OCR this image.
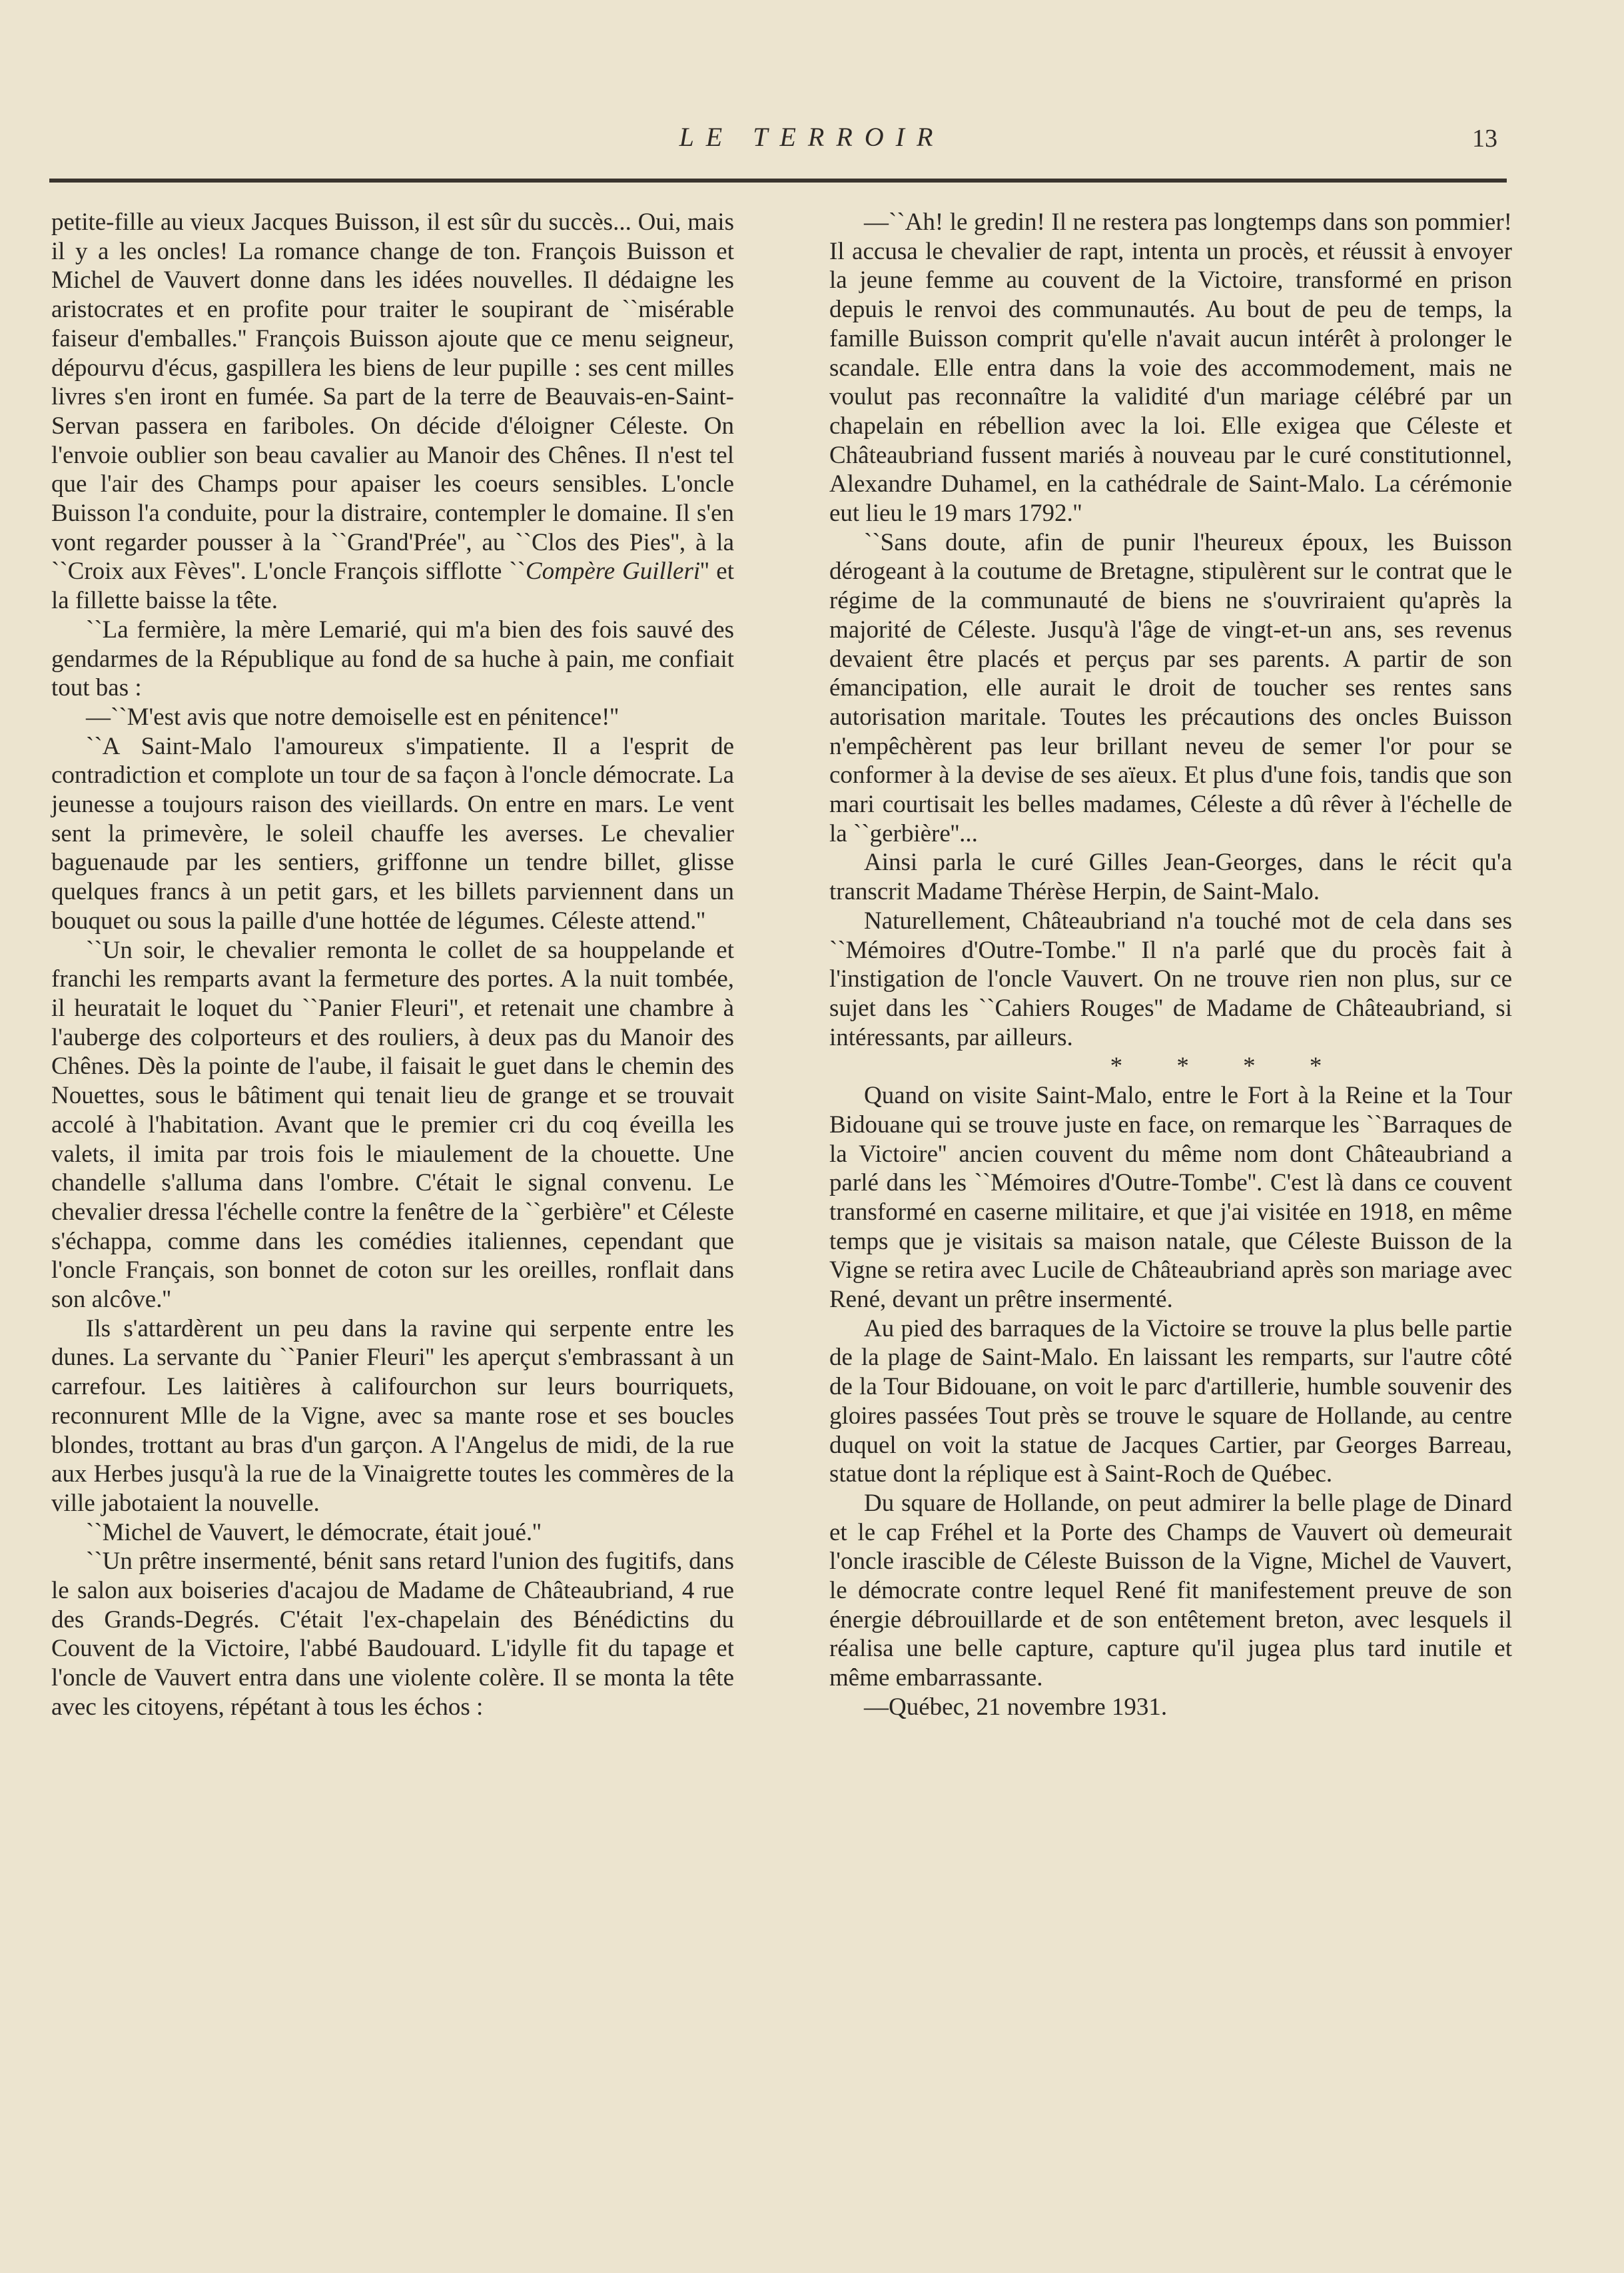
LE TERROIR	13

petite-fille au vieux Jacques Buisson, il est sûr du succès... Oui, mais il y a les oncles! La romance change de ton. François Buisson et Michel de Vauvert donne dans les idées nouvelles. Il dédaigne les aristocrates et en profite pour traiter le soupirant de ``misérable faiseur d'emballes.'' François Buisson ajoute que ce menu seigneur, dépourvu d'écus, gaspillera les biens de leur pupille : ses cent milles livres s'en iront en fumée. Sa part de la terre de Beauvais-en-Saint-Servan passera en fariboles. On décide d'éloigner Céleste. On l'envoie oublier son beau cavalier au Manoir des Chênes. Il n'est tel que l'air des Champs pour apaiser les coeurs sensibles. L'oncle Buisson l'a conduite, pour la distraire, contempler le domaine. Il s'en vont regarder pousser à la ``Grand'Prée'', au ``Clos des Pies'', à la ``Croix aux Fèves''. L'oncle François sifflotte ``Compère Guilleri'' et la fillette baisse la tête.

``La fermière, la mère Lemarié, qui m'a bien des fois sauvé des gendarmes de la République au fond de sa huche à pain, me confiait tout bas :

—``M'est avis que notre demoiselle est en pénitence!''

``A Saint-Malo l'amoureux s'impatiente. Il a l'esprit de contradiction et complote un tour de sa façon à l'oncle démocrate. La jeunesse a toujours raison des vieillards. On entre en mars. Le vent sent la primevère, le soleil chauffe les averses. Le chevalier baguenaude par les sentiers, griffonne un tendre billet, glisse quelques francs à un petit gars, et les billets parviennent dans un bouquet ou sous la paille d'une hottée de légumes. Céleste attend.''

``Un soir, le chevalier remonta le collet de sa houppelande et franchi les remparts avant la fermeture des portes. A la nuit tombée, il heuratait le loquet du ``Panier Fleuri'', et retenait une chambre à l'auberge des colporteurs et des rouliers, à deux pas du Manoir des Chênes. Dès la pointe de l'aube, il faisait le guet dans le chemin des Nouettes, sous le bâtiment qui tenait lieu de grange et se trouvait accolé à l'habitation. Avant que le premier cri du coq éveilla les valets, il imita par trois fois le miaulement de la chouette. Une chandelle s'alluma dans l'ombre. C'était le signal convenu. Le chevalier dressa l'échelle contre la fenêtre de la ``gerbière'' et Céleste s'échappa, comme dans les comédies italiennes, cependant que l'oncle Français, son bonnet de coton sur les oreilles, ronflait dans son alcôve.''

Ils s'attardèrent un peu dans la ravine qui serpente entre les dunes. La servante du ``Panier Fleuri'' les aperçut s'embrassant à un carrefour. Les laitières à califourchon sur leurs bourriquets, reconnurent Mlle de la Vigne, avec sa mante rose et ses boucles blondes, trottant au bras d'un garçon. A l'Angelus de midi, de la rue aux Herbes jusqu'à la rue de la Vinaigrette toutes les commères de la ville jabotaient la nouvelle.

``Michel de Vauvert, le démocrate, était joué.''

``Un prêtre insermenté, bénit sans retard l'union des fugitifs, dans le salon aux boiseries d'acajou de Madame de Châteaubriand, 4 rue des Grands-Degrés. C'était l'ex-chapelain des Bénédictins du Couvent de la Victoire, l'abbé Baudouard. L'idylle fit du tapage et l'oncle de Vauvert entra dans une violente colère. Il se monta la tête avec les citoyens, répétant à tous les échos :

—``Ah! le gredin! Il ne restera pas longtemps dans son pommier! Il accusa le chevalier de rapt, intenta un procès, et réussit à envoyer la jeune femme au couvent de la Victoire, transformé en prison depuis le renvoi des communautés. Au bout de peu de temps, la famille Buisson comprit qu'elle n'avait aucun intérêt à prolonger le scandale. Elle entra dans la voie des accommodement, mais ne voulut pas reconnaître la validité d'un mariage célébré par un chapelain en rébellion avec la loi. Elle exigea que Céleste et Châteaubriand fussent mariés à nouveau par le curé constitutionnel, Alexandre Duhamel, en la cathédrale de Saint-Malo. La cérémonie eut lieu le 19 mars 1792.''

``Sans doute, afin de punir l'heureux époux, les Buisson dérogeant à la coutume de Bretagne, stipulèrent sur le contrat que le régime de la communauté de biens ne s'ouvriraient qu'après la majorité de Céleste. Jusqu'à l'âge de vingt-et-un ans, ses revenus devaient être placés et perçus par ses parents. A partir de son émancipation, elle aurait le droit de toucher ses rentes sans autorisation maritale. Toutes les précautions des oncles Buisson n'empêchèrent pas leur brillant neveu de semer l'or pour se conformer à la devise de ses aïeux. Et plus d'une fois, tandis que son mari courtisait les belles madames, Céleste a dû rêver à l'échelle de la ``gerbière''...

Ainsi parla le curé Gilles Jean-Georges, dans le récit qu'a transcrit Madame Thérèse Herpin, de Saint-Malo.

Naturellement, Châteaubriand n'a touché mot de cela dans ses ``Mémoires d'Outre-Tombe.'' Il n'a parlé que du procès fait à l'instigation de l'oncle Vauvert. On ne trouve rien non plus, sur ce sujet dans les ``Cahiers Rouges'' de Madame de Châteaubriand, si intéressants, par ailleurs.

* * * *

Quand on visite Saint-Malo, entre le Fort à la Reine et la Tour Bidouane qui se trouve juste en face, on remarque les ``Barraques de la Victoire'' ancien couvent du même nom dont Châteaubriand a parlé dans les ``Mémoires d'Outre-Tombe''. C'est là dans ce couvent transformé en caserne militaire, et que j'ai visitée en 1918, en même temps que je visitais sa maison natale, que Céleste Buisson de la Vigne se retira avec Lucile de Châteaubriand après son mariage avec René, devant un prêtre insermenté.

Au pied des barraques de la Victoire se trouve la plus belle partie de la plage de Saint-Malo. En laissant les remparts, sur l'autre côté de la Tour Bidouane, on voit le parc d'artillerie, humble souvenir des gloires passées Tout près se trouve le square de Hollande, au centre duquel on voit la statue de Jacques Cartier, par Georges Barreau, statue dont la réplique est à Saint-Roch de Québec.

Du square de Hollande, on peut admirer la belle plage de Dinard et le cap Fréhel et la Porte des Champs de Vauvert où demeurait l'oncle irascible de Céleste Buisson de la Vigne, Michel de Vauvert, le démocrate contre lequel René fit manifestement preuve de son énergie débrouillarde et de son entêtement breton, avec lesquels il réalisa une belle capture, capture qu'il jugea plus tard inutile et même embarrassante.

—Québec, 21 novembre 1931.
